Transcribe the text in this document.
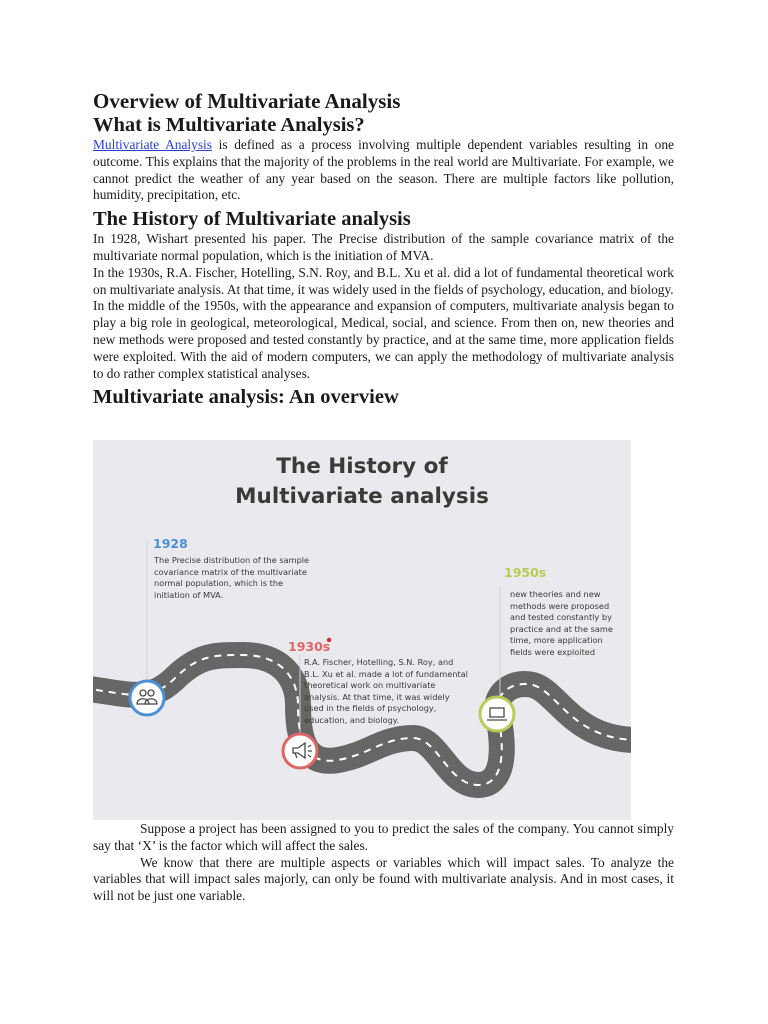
Overview of Multivariate Analysis
What is Multivariate Analysis?

Multivariate Analysis is defined as a process involving multiple dependent variables resulting in one outcome. This explains that the majority of the problems in the real world are Multivariate. For example, we cannot predict the weather of any year based on the season. There are multiple factors like pollution, humidity, precipitation, etc.

The History of Multivariate analysis

In 1928, Wishart presented his paper. The Precise distribution of the sample covariance matrix of the multivariate normal population, which is the initiation of MVA.

In the 1930s, R.A. Fischer, Hotelling, S.N. Roy, and B.L. Xu et al. did a lot of fundamental theoretical work on multivariate analysis. At that time, it was widely used in the fields of psychology, education, and biology.

In the middle of the 1950s, with the appearance and expansion of computers, multivariate analysis began to play a big role in geological, meteorological, Medical, social, and science. From then on, new theories and new methods were proposed and tested constantly by practice, and at the same time, more application fields were exploited. With the aid of modern computers, we can apply the methodology of multivariate analysis to do rather complex statistical analyses.

Multivariate analysis: An overview
The History of
Multivariate analysis
1928
The Precise distribution of the sample
covariance matrix of the multivariate
normal population, which is the
initiation of MVA.
1930s
R.A. Fischer, Hotelling, S.N. Roy, and
B.L. Xu et al. made a lot of fundamental
theoretical work on multivariate
analysis. At that time, it was widely
used in the fields of psychology,
education, and biology.
1950s
new theories and new
methods were proposed
and tested constantly by
practice and at the same
time, more application
fields were exploited

Suppose a project has been assigned to you to predict the sales of the company. You cannot simply say that ‘X’ is the factor which will affect the sales.

We know that there are multiple aspects or variables which will impact sales. To analyze the variables that will impact sales majorly, can only be found with multivariate analysis. And in most cases, it will not be just one variable.
